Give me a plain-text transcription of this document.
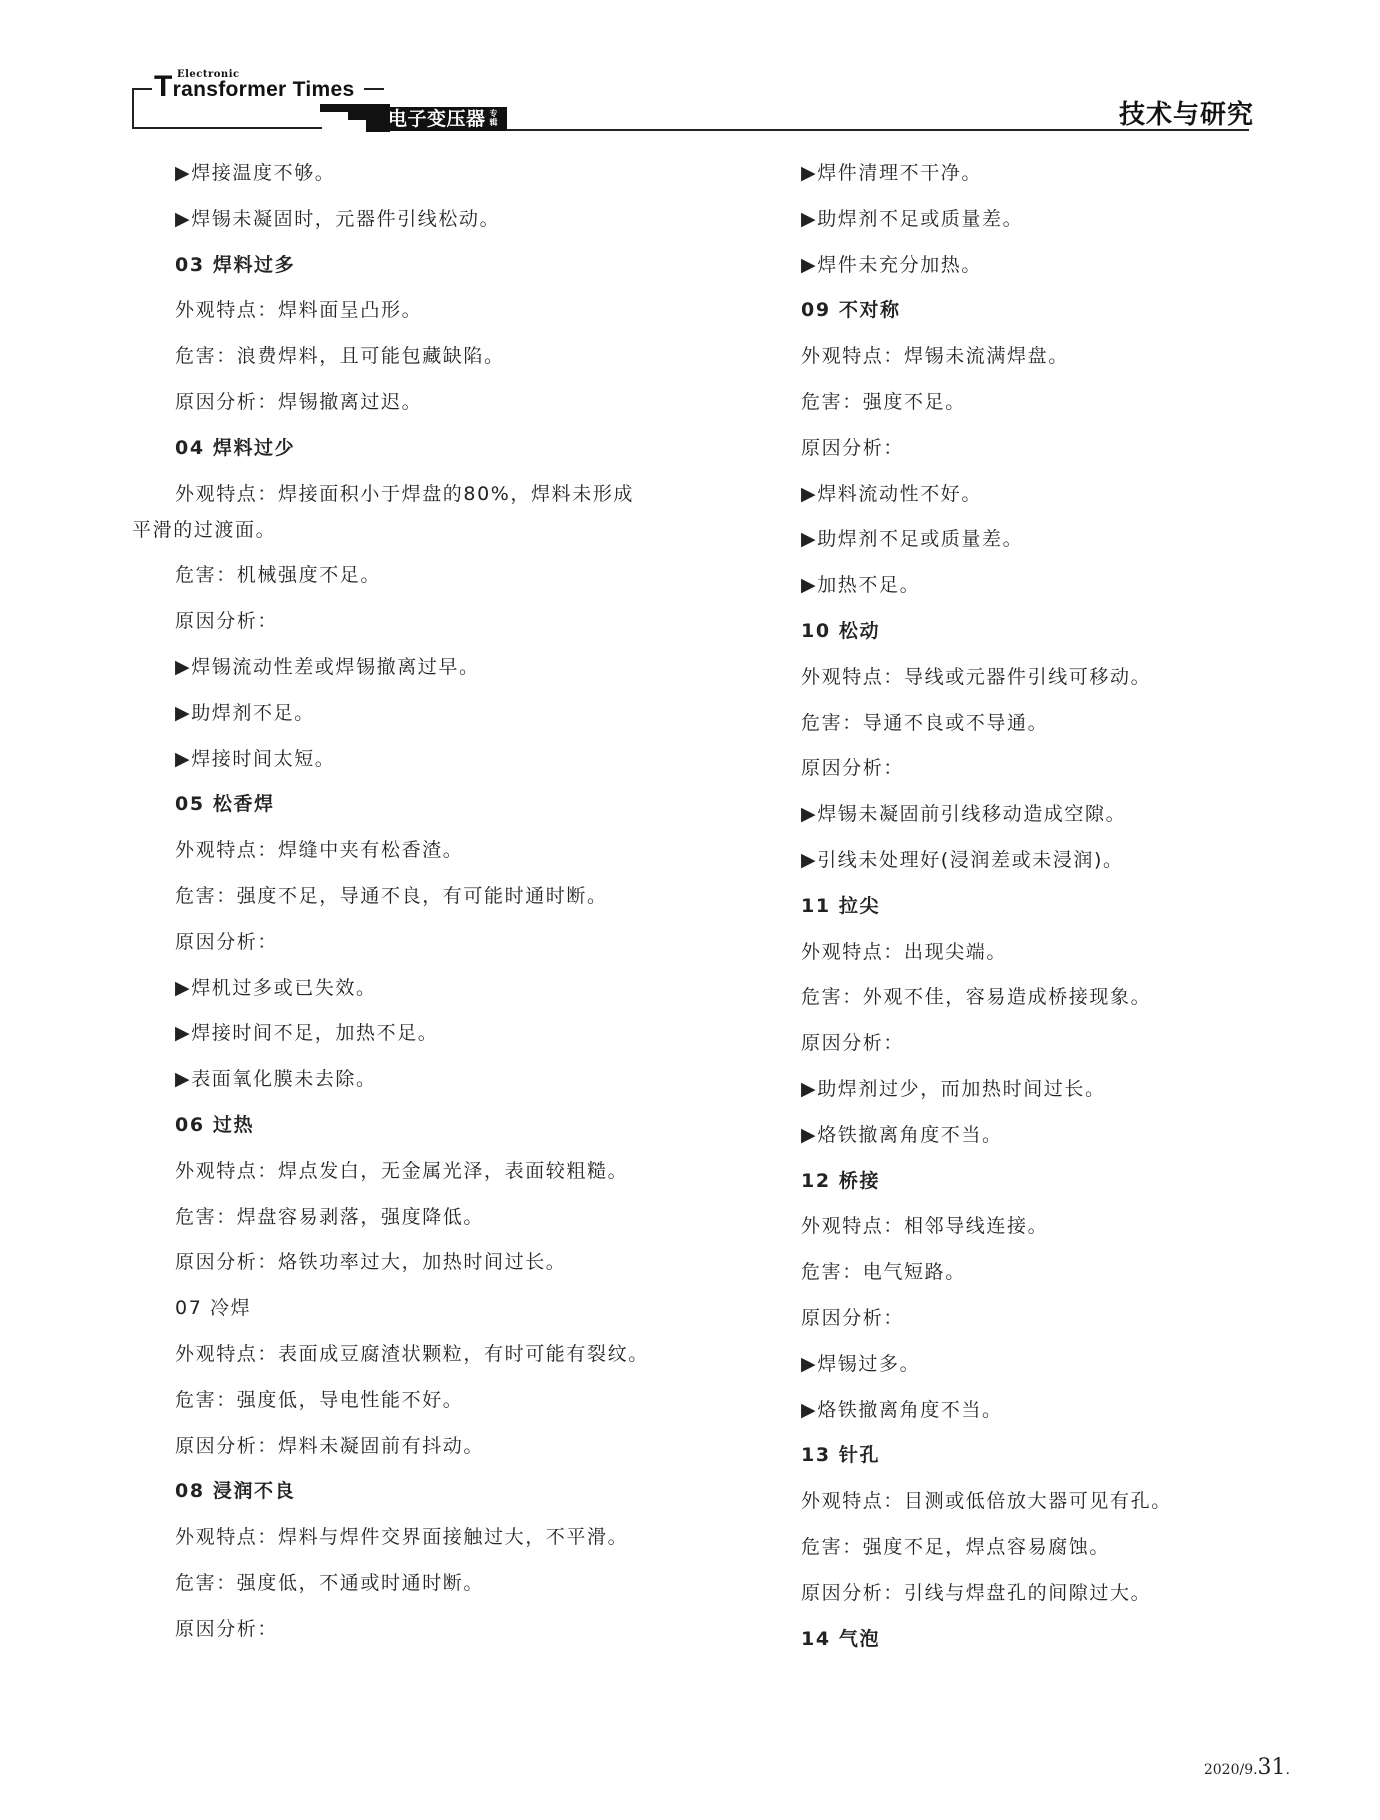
Electronic
Transformer Times
电子变压器 专辑	技术与研究
▶焊接温度不够。
▶焊锡未凝固时，元器件引线松动。
03 焊料过多
外观特点：焊料面呈凸形。
危害：浪费焊料，且可能包藏缺陷。
原因分析：焊锡撤离过迟。
04 焊料过少
外观特点：焊接面积小于焊盘的80%，焊料未形成
平滑的过渡面。
危害：机械强度不足。
原因分析：
▶焊锡流动性差或焊锡撤离过早。
▶助焊剂不足。
▶焊接时间太短。
05 松香焊
外观特点：焊缝中夹有松香渣。
危害：强度不足，导通不良，有可能时通时断。
原因分析：
▶焊机过多或已失效。
▶焊接时间不足，加热不足。
▶表面氧化膜未去除。
06 过热
外观特点：焊点发白，无金属光泽，表面较粗糙。
危害：焊盘容易剥落，强度降低。
原因分析：烙铁功率过大，加热时间过长。
07 冷焊
外观特点：表面成豆腐渣状颗粒，有时可能有裂纹。
危害：强度低，导电性能不好。
原因分析：焊料未凝固前有抖动。
08 浸润不良
外观特点：焊料与焊件交界面接触过大，不平滑。
危害：强度低，不通或时通时断。
原因分析：
▶焊件清理不干净。
▶助焊剂不足或质量差。
▶焊件未充分加热。
09 不对称
外观特点：焊锡未流满焊盘。
危害：强度不足。
原因分析：
▶焊料流动性不好。
▶助焊剂不足或质量差。
▶加热不足。
10 松动
外观特点：导线或元器件引线可移动。
危害：导通不良或不导通。
原因分析：
▶焊锡未凝固前引线移动造成空隙。
▶引线未处理好(浸润差或未浸润)。
11 拉尖
外观特点：出现尖端。
危害：外观不佳，容易造成桥接现象。
原因分析：
▶助焊剂过少，而加热时间过长。
▶烙铁撤离角度不当。
12 桥接
外观特点：相邻导线连接。
危害：电气短路。
原因分析：
▶焊锡过多。
▶烙铁撤离角度不当。
13 针孔
外观特点：目测或低倍放大器可见有孔。
危害：强度不足，焊点容易腐蚀。
原因分析：引线与焊盘孔的间隙过大。
14 气泡
2020/9.31.
